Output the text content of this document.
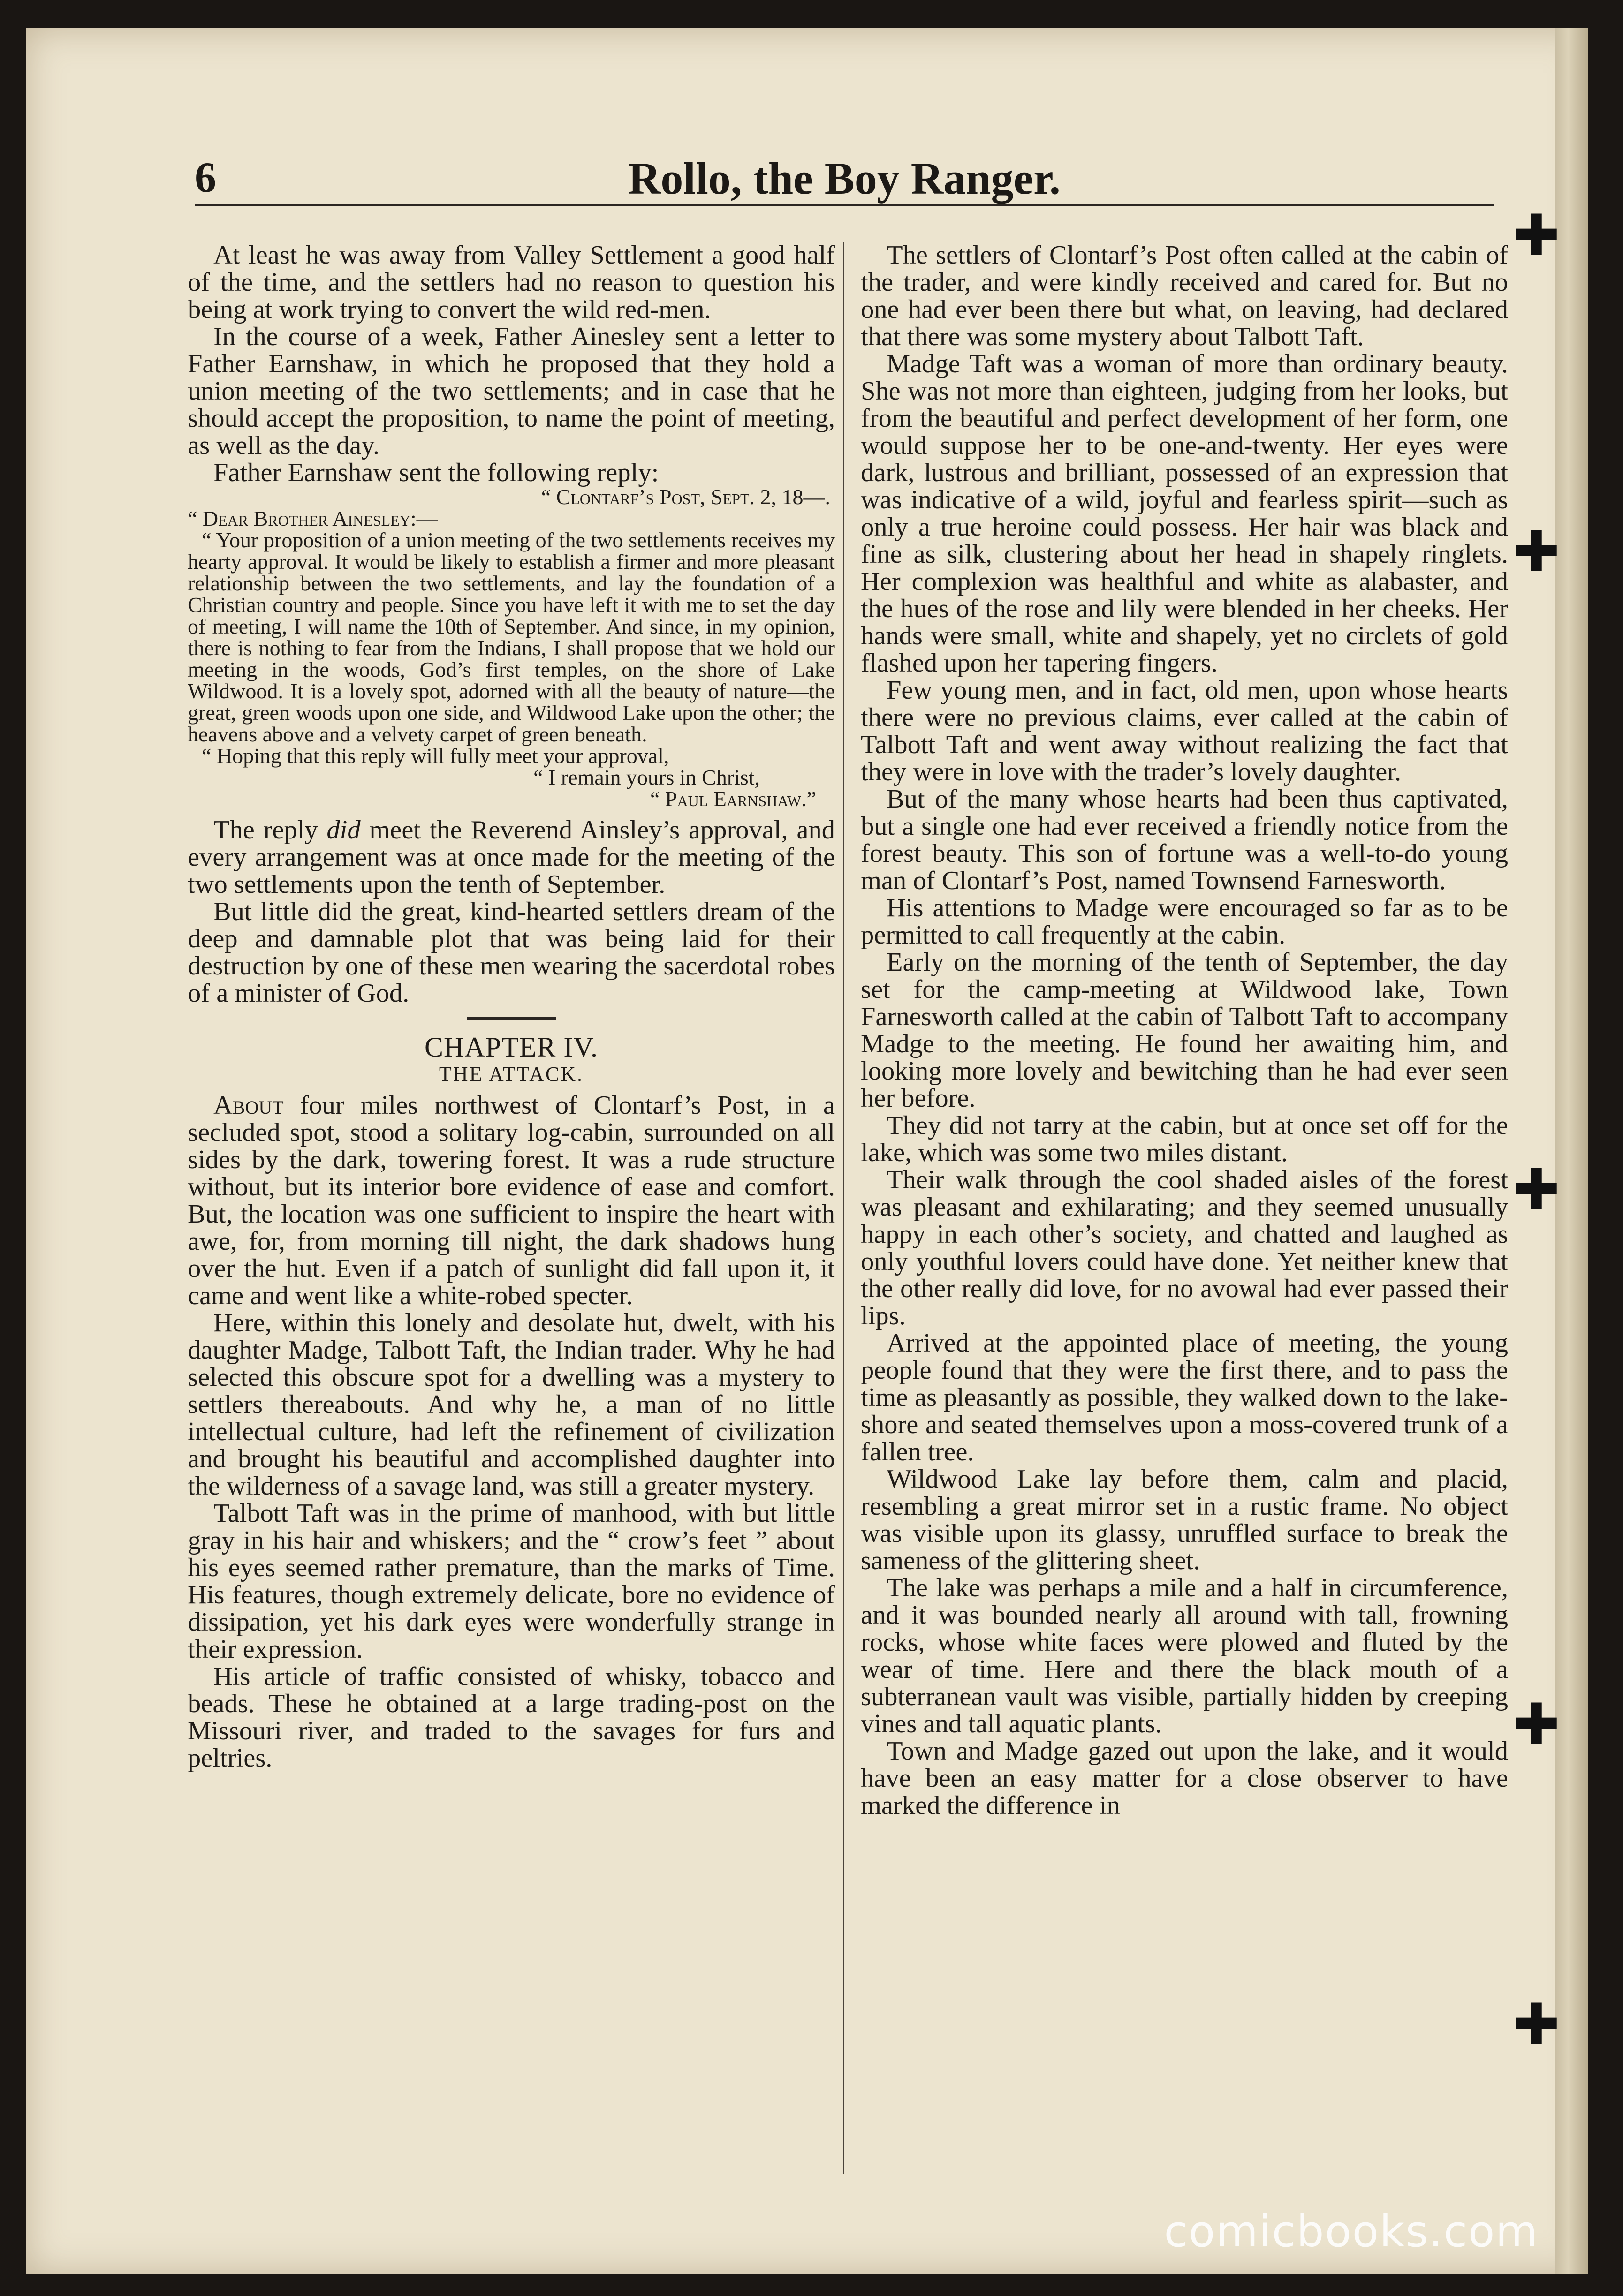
✚
✚
✚
✚
✚
6	Rollo, the Boy Ranger.

At least he was away from Valley Settlement a good half of the time, and the settlers had no reason to question his being at work trying to convert the wild red-men.

In the course of a week, Father Ainesley sent a letter to Father Earnshaw, in which he proposed that they hold a union meeting of the two settlements; and in case that he should accept the proposition, to name the point of meeting, as well as the day.

Father Earnshaw sent the following reply:

“ Clontarf’s Post, Sept. 2, 18—.

“ Dear Brother Ainesley:—

“ Your proposition of a union meeting of the two settlements receives my hearty approval. It would be likely to establish a firmer and more pleasant relationship between the two settlements, and lay the foundation of a Christian country and people. Since you have left it with me to set the day of meeting, I will name the 10th of September. And since, in my opinion, there is nothing to fear from the Indians, I shall propose that we hold our meeting in the woods, God’s first temples, on the shore of Lake Wildwood. It is a lovely spot, adorned with all the beauty of nature—the great, green woods upon one side, and Wildwood Lake upon the other; the heavens above and a velvety carpet of green beneath.

“ Hoping that this reply will fully meet your approval,

“ I remain yours in Christ,

“ Paul Earnshaw.”

The reply did meet the Reverend Ainsley’s approval, and every arrangement was at once made for the meeting of the two settlements upon the tenth of September.

But little did the great, kind-hearted settlers dream of the deep and damnable plot that was being laid for their destruction by one of these men wearing the sacerdotal robes of a minister of God.

CHAPTER IV.

THE ATTACK.

About four miles northwest of Clontarf’s Post, in a secluded spot, stood a solitary log-cabin, surrounded on all sides by the dark, towering forest. It was a rude structure without, but its interior bore evidence of ease and comfort. But, the location was one sufficient to inspire the heart with awe, for, from morning till night, the dark shadows hung over the hut. Even if a patch of sunlight did fall upon it, it came and went like a white-robed specter.

Here, within this lonely and desolate hut, dwelt, with his daughter Madge, Talbott Taft, the Indian trader. Why he had selected this obscure spot for a dwelling was a mystery to settlers thereabouts. And why he, a man of no little intellectual culture, had left the refinement of civilization and brought his beautiful and accomplished daughter into the wilderness of a savage land, was still a greater mystery.

Talbott Taft was in the prime of manhood, with but little gray in his hair and whiskers; and the “ crow’s feet ” about his eyes seemed rather premature, than the marks of Time. His features, though extremely delicate, bore no evidence of dissipation, yet his dark eyes were wonderfully strange in their expression.

His article of traffic consisted of whisky, tobacco and beads. These he obtained at a large trading-post on the Missouri river, and traded to the savages for furs and peltries.

The settlers of Clontarf’s Post often called at the cabin of the trader, and were kindly received and cared for. But no one had ever been there but what, on leaving, had declared that there was some mystery about Talbott Taft.

Madge Taft was a woman of more than ordinary beauty. She was not more than eighteen, judging from her looks, but from the beautiful and perfect development of her form, one would suppose her to be one-and-twenty. Her eyes were dark, lustrous and brilliant, possessed of an expression that was indicative of a wild, joyful and fearless spirit—such as only a true heroine could possess. Her hair was black and fine as silk, clustering about her head in shapely ringlets. Her complexion was healthful and white as alabaster, and the hues of the rose and lily were blended in her cheeks. Her hands were small, white and shapely, yet no circlets of gold flashed upon her tapering fingers.

Few young men, and in fact, old men, upon whose hearts there were no previous claims, ever called at the cabin of Talbott Taft and went away without realizing the fact that they were in love with the trader’s lovely daughter.

But of the many whose hearts had been thus captivated, but a single one had ever received a friendly notice from the forest beauty. This son of fortune was a well-to-do young man of Clontarf’s Post, named Townsend Farnesworth.

His attentions to Madge were encouraged so far as to be permitted to call frequently at the cabin.

Early on the morning of the tenth of September, the day set for the camp-meeting at Wildwood lake, Town Farnesworth called at the cabin of Talbott Taft to accompany Madge to the meeting. He found her awaiting him, and looking more lovely and bewitching than he had ever seen her before.

They did not tarry at the cabin, but at once set off for the lake, which was some two miles distant.

Their walk through the cool shaded aisles of the forest was pleasant and exhilarating; and they seemed unusually happy in each other’s society, and chatted and laughed as only youthful lovers could have done. Yet neither knew that the other really did love, for no avowal had ever passed their lips.

Arrived at the appointed place of meeting, the young people found that they were the first there, and to pass the time as pleasantly as possible, they walked down to the lake-shore and seated themselves upon a moss-covered trunk of a fallen tree.

Wildwood Lake lay before them, calm and placid, resembling a great mirror set in a rustic frame. No object was visible upon its glassy, unruffled surface to break the sameness of the glittering sheet.

The lake was perhaps a mile and a half in circumference, and it was bounded nearly all around with tall, frowning rocks, whose white faces were plowed and fluted by the wear of time. Here and there the black mouth of a subterranean vault was visible, partially hidden by creeping vines and tall aquatic plants.

Town and Madge gazed out upon the lake, and it would have been an easy matter for a close observer to have marked the difference in

comicbooks.com
